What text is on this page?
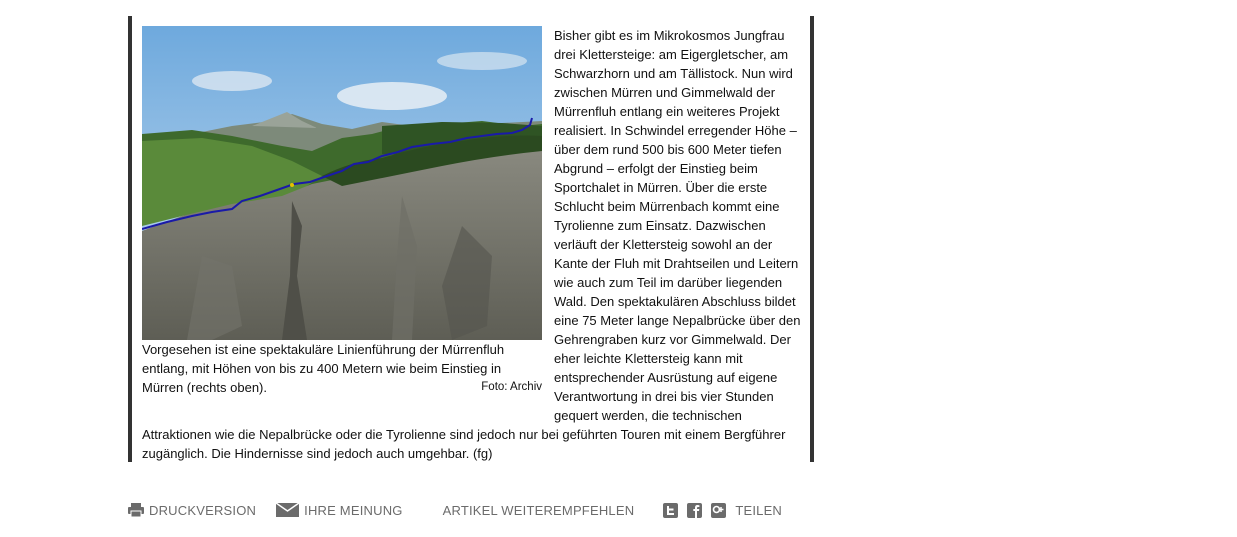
Vorgesehen ist eine spektakuläre Linienführung der Mürrenfluh entlang, mit Höhen von bis zu 400 Metern wie beim Einstieg in Mürren (rechts oben).	Foto: Archiv
Bisher gibt es im Mikrokosmos Jungfrau drei Klettersteige: am Eigergletscher, am Schwarzhorn und am Tällistock. Nun wird zwischen Mürren und Gimmelwald der Mürrenfluh entlang ein weiteres Projekt realisiert. In Schwindel erregender Höhe – über dem rund 500 bis 600 Meter tiefen Abgrund – erfolgt der Einstieg beim Sportchalet in Mürren. Über die erste Schlucht beim Mürrenbach kommt eine Tyrolienne zum Einsatz. Dazwischen verläuft der Klettersteig sowohl an der Kante der Fluh mit Drahtseilen und Leitern wie auch zum Teil im darüber liegenden Wald. Den spektakulären Abschluss bildet eine 75 Meter lange Nepalbrücke über den Gehrengraben kurz vor Gimmelwald. Der eher leichte Klettersteig kann mit entsprechender Ausrüstung auf eigene Verantwortung in drei bis vier Stunden gequert werden, die technischen
Attraktionen wie die Nepalbrücke oder die Tyrolienne sind jedoch nur bei geführten Touren mit einem Bergführer zugänglich. Die Hindernisse sind jedoch auch umgehbar. (fg)
DRUCKVERSION	IHRE MEINUNG	ARTIKEL WEITEREMPFEHLEN	TEILEN
